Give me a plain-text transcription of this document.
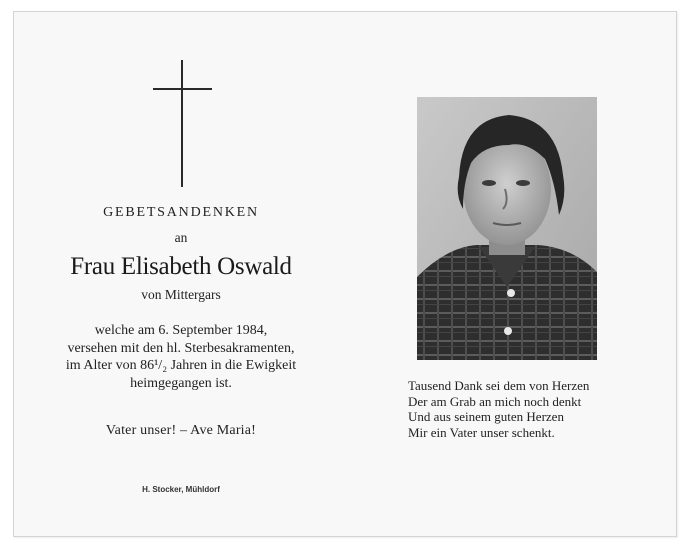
GEBETSANDENKEN
an
Frau Elisabeth Oswald
von Mittergars
welche am 6. September 1984,
versehen mit den hl. Sterbesakramenten,
im Alter von 86¹/₂ Jahren in die Ewigkeit
heimgegangen ist.
Vater unser! – Ave Maria!
H. Stocker, Mühldorf
Tausend Dank sei dem von Herzen
Der am Grab an mich noch denkt
Und aus seinem guten Herzen
Mir ein Vater unser schenkt.
